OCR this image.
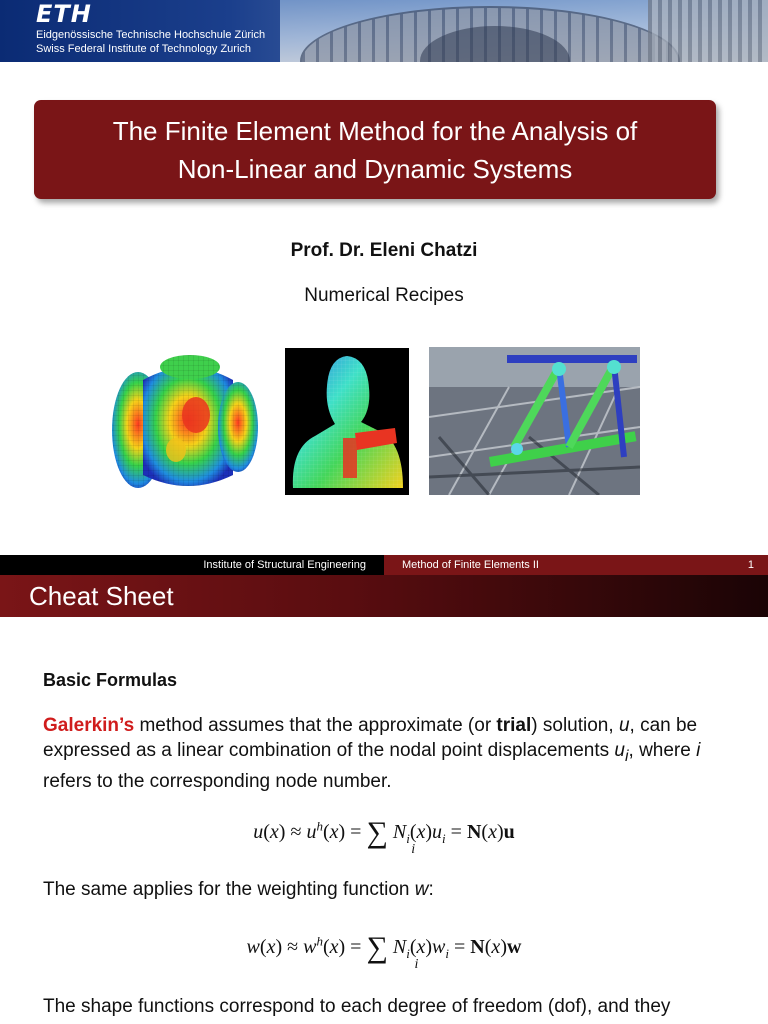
ETH
Eidgenössische Technische Hochschule Zürich
Swiss Federal Institute of Technology Zurich
The Finite Element Method for the Analysis of
Non-Linear and Dynamic Systems
Prof. Dr. Eleni Chatzi
Numerical Recipes
Institute of Structural Engineering	Method of Finite Elements II	1
Cheat Sheet
Basic Formulas
Galerkin’s method assumes that the approximate (or trial) solution, u, can be expressed as a linear combination of the nodal point displacements $u_i$, where i refers to the corresponding node number.
$u(x) \approx u^h(x)$ = ∑
i
$N_i(x)u_i = N(x)u$
The same applies for the weighting function w:
$w(x) \approx w^h(x)$ = ∑
i
$N_i(x)w_i = N(x)w$
The shape functions correspond to each degree of freedom (dof), and they
